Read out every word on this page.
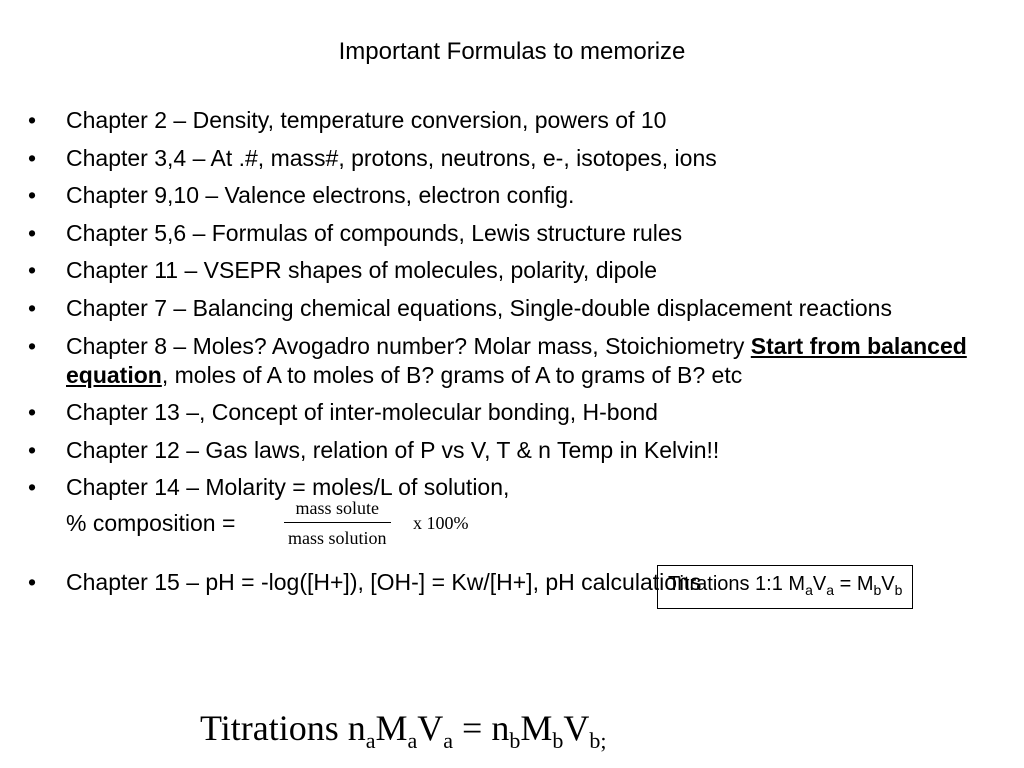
Important Formulas to memorize
• Chapter 2 – Density, temperature conversion, powers of 10
• Chapter 3,4 – At .#, mass#, protons, neutrons, e-, isotopes, ions
• Chapter 9,10 – Valence electrons, electron config.
• Chapter 5,6 – Formulas of compounds, Lewis structure rules
• Chapter 11 – VSEPR shapes of molecules, polarity, dipole
• Chapter 7 – Balancing chemical equations, Single-double displacement reactions
• Chapter 8 – Moles? Avogadro number? Molar mass, Stoichiometry Start from balanced equation, moles of A to moles of B? grams of A to grams of B? etc
• Chapter 13 –, Concept of inter-molecular bonding, H-bond
• Chapter 12 – Gas laws, relation of P vs V, T & n Temp in Kelvin!!
• Chapter 14 – Molarity = moles/L of solution,
% composition =
mass solute
mass solution
x 100%
• Chapter 15 – pH = -log([H+]), [OH-] = Kw/[H+], pH calculations
Titrations 1:1 $M_aV_a = M_bV_b$
Titrations $n_aM_aV_a = n_bM_bV_{b;}$
